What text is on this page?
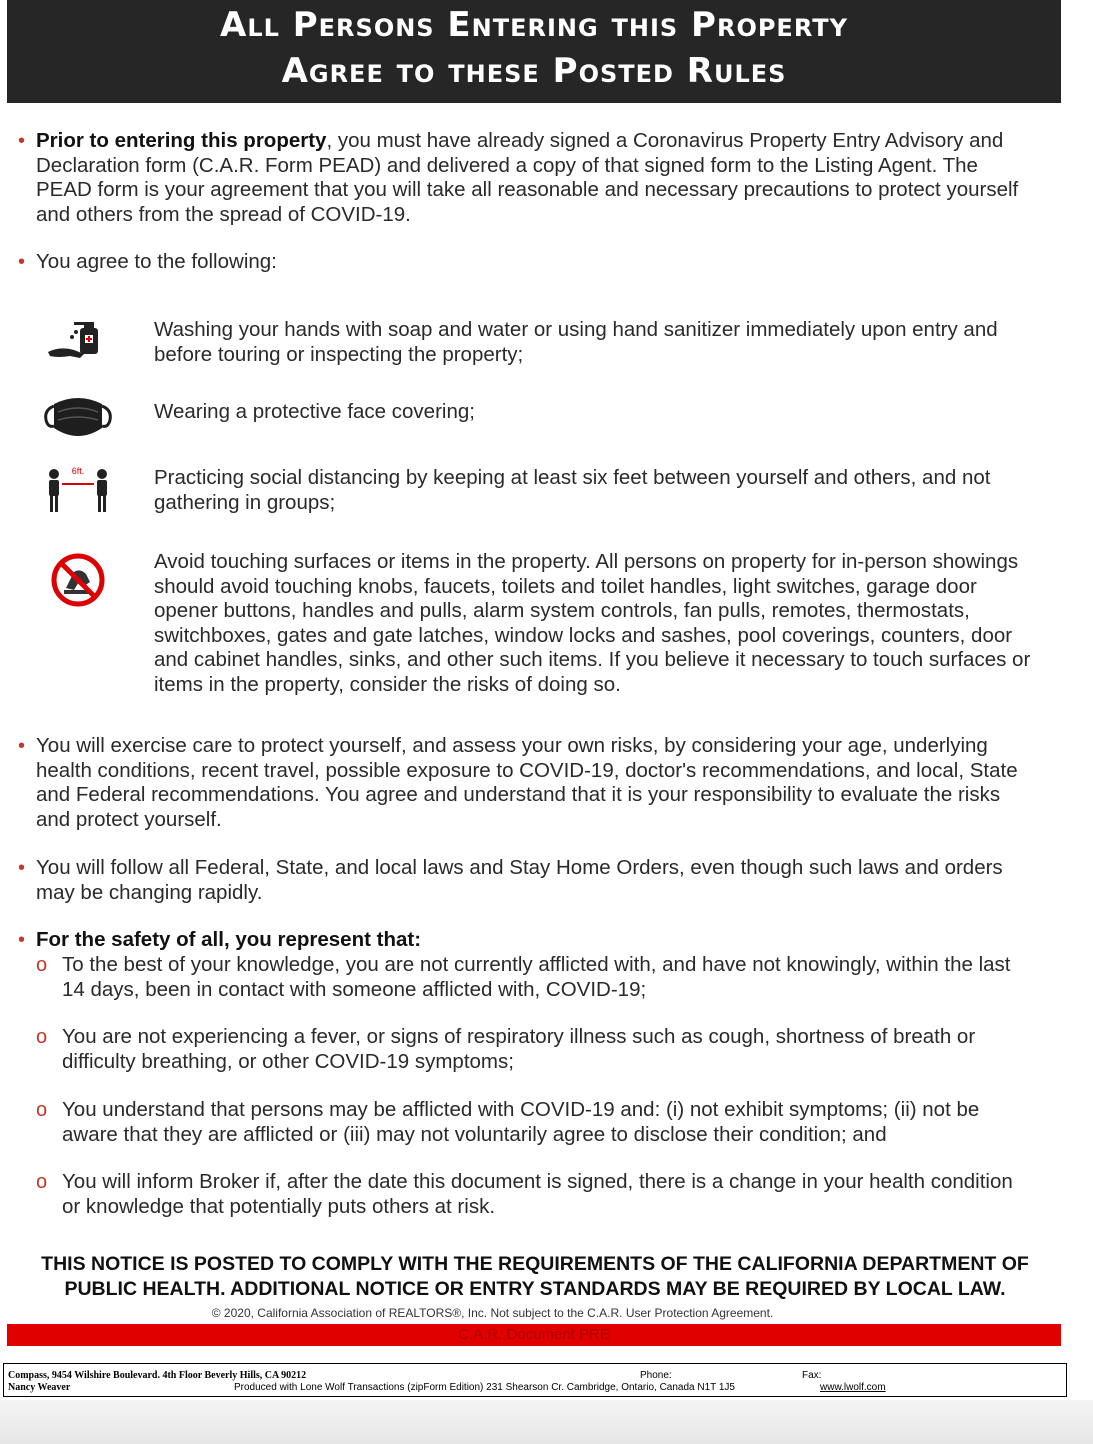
All Persons Entering this Property
Agree to these Posted Rules
• Prior to entering this property, you must have already signed a Coronavirus Property Entry Advisory and Declaration form (C.A.R. Form PEAD) and delivered a copy of that signed form to the Listing Agent. The PEAD form is your agreement that you will take all reasonable and necessary precautions to protect yourself and others from the spread of COVID-19.
• You agree to the following:
Washing your hands with soap and water or using hand sanitizer immediately upon entry and before touring or inspecting the property;
Wearing a protective face covering;
6ft.	Practicing social distancing by keeping at least six feet between yourself and others, and not gathering in groups;
Avoid touching surfaces or items in the property. All persons on property for in-person showings should avoid touching knobs, faucets, toilets and toilet handles, light switches, garage door opener buttons, handles and pulls, alarm system controls, fan pulls, remotes, thermostats, switchboxes, gates and gate latches, window locks and sashes, pool coverings, counters, door and cabinet handles, sinks, and other such items. If you believe it necessary to touch surfaces or items in the property, consider the risks of doing so.
• You will exercise care to protect yourself, and assess your own risks, by considering your age, underlying health conditions, recent travel, possible exposure to COVID-19, doctor's recommendations, and local, State and Federal recommendations. You agree and understand that it is your responsibility to evaluate the risks and protect yourself.
• You will follow all Federal, State, and local laws and Stay Home Orders, even though such laws and orders may be changing rapidly.
• For the safety of all, you represent that:
o To the best of your knowledge, you are not currently afflicted with, and have not knowingly, within the last 14 days, been in contact with someone afflicted with, COVID-19;
o You are not experiencing a fever, or signs of respiratory illness such as cough, shortness of breath or difficulty breathing, or other COVID-19 symptoms;
o You understand that persons may be afflicted with COVID-19 and: (i) not exhibit symptoms; (ii) not be aware that they are afflicted or (iii) may not voluntarily agree to disclose their condition; and
o You will inform Broker if, after the date this document is signed, there is a change in your health condition or knowledge that potentially puts others at risk.
THIS NOTICE IS POSTED TO COMPLY WITH THE REQUIREMENTS OF THE CALIFORNIA DEPARTMENT OF
PUBLIC HEALTH. ADDITIONAL NOTICE OR ENTRY STANDARDS MAY BE REQUIRED BY LOCAL LAW.
© 2020, California Association of REALTORS®, Inc. Not subject to the C.A.R. User Protection Agreement.
C.A.R. Document PRE
Compass, 9454 Wilshire Boulevard. 4th Floor Beverly Hills, CA 90212
Nancy Weaver
Phone:	Fax:
Produced with Lone Wolf Transactions (zipForm Edition) 231 Shearson Cr. Cambridge, Ontario, Canada N1T 1J5	www.lwolf.com
